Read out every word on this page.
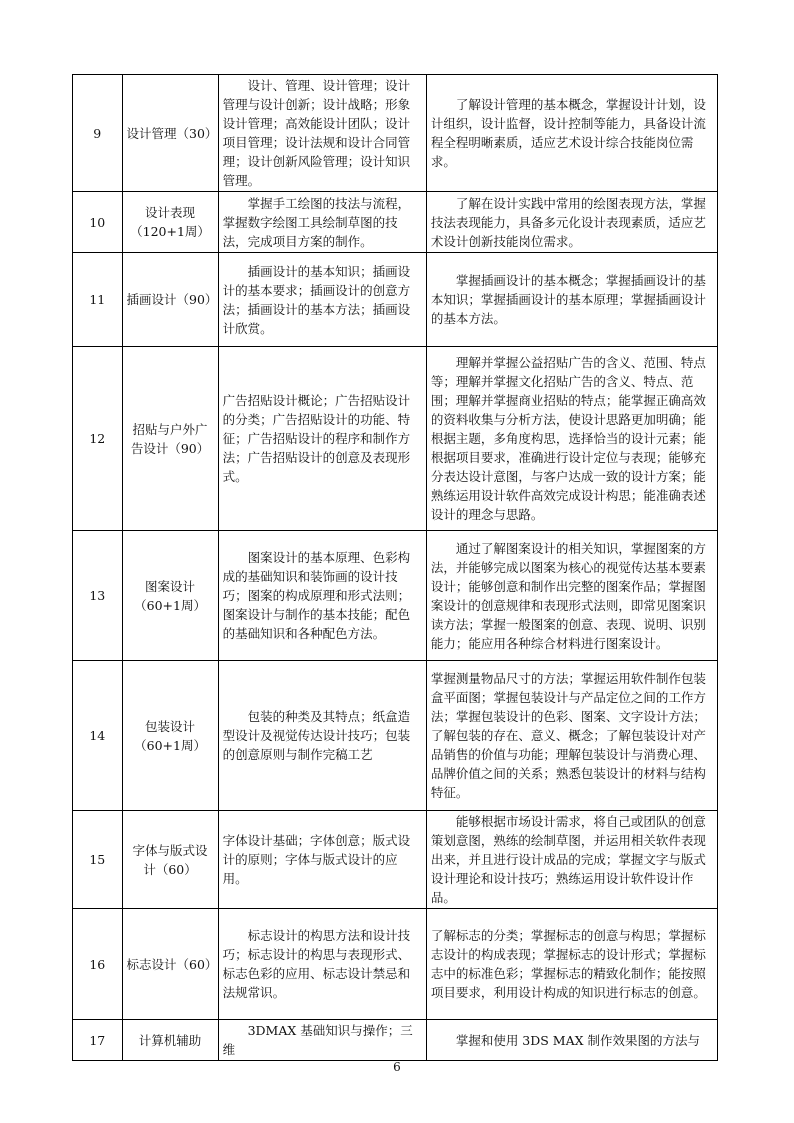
9	设计管理（30）	设计、管理、设计管理；设计管理与设计创新；设计战略；形象设计管理；高效能设计团队；设计项目管理；设计法规和设计合同管理；设计创新风险管理；设计知识管理。	了解设计管理的基本概念，掌握设计计划，设计组织，设计监督，设计控制等能力，具备设计流程全程明晰素质，适应艺术设计综合技能岗位需求。
10	设计表现（120+1周）	掌握手工绘图的技法与流程，掌握数字绘图工具绘制草图的技法，完成项目方案的制作。	了解在设计实践中常用的绘图表现方法，掌握技法表现能力，具备多元化设计表现素质，适应艺术设计创新技能岗位需求。
11	插画设计（90）	插画设计的基本知识；插画设计的基本要求；插画设计的创意方法；插画设计的基本方法；插画设计欣赏。	掌握插画设计的基本概念；掌握插画设计的基本知识；掌握插画设计的基本原理；掌握插画设计的基本方法。
12	招贴与户外广告设计（90）	广告招贴设计概论；广告招贴设计的分类；广告招贴设计的功能、特征；广告招贴设计的程序和制作方法；广告招贴设计的创意及表现形式。	理解并掌握公益招贴广告的含义、范围、特点等；理解并掌握文化招贴广告的含义、特点、范围；理解并掌握商业招贴的特点；能掌握正确高效的资料收集与分析方法，使设计思路更加明确；能根据主题，多角度构思，选择恰当的设计元素；能根据项目要求，准确进行设计定位与表现；能够充分表达设计意图，与客户达成一致的设计方案；能熟练运用设计软件高效完成设计构思；能准确表述设计的理念与思路。
13	图案设计（60+1周）	图案设计的基本原理、色彩构成的基础知识和装饰画的设计技巧；图案的构成原理和形式法则；图案设计与制作的基本技能；配色的基础知识和各种配色方法。	通过了解图案设计的相关知识，掌握图案的方法，并能够完成以图案为核心的视觉传达基本要素设计；能够创意和制作出完整的图案作品；掌握图案设计的创意规律和表现形式法则，即常见图案识读方法；掌握一般图案的创意、表现、说明、识别能力；能应用各种综合材料进行图案设计。
14	包装设计（60+1周）	包装的种类及其特点；纸盒造型设计及视觉传达设计技巧；包装的创意原则与制作完稿工艺	掌握测量物品尺寸的方法；掌握运用软件制作包装盒平面图；掌握包装设计与产品定位之间的工作方法；掌握包装设计的色彩、图案、文字设计方法；了解包装的存在、意义、概念；了解包装设计对产品销售的价值与功能；理解包装设计与消费心理、品牌价值之间的关系；熟悉包装设计的材料与结构特征。
15	字体与版式设计（60）	字体设计基础；字体创意；版式设计的原则；字体与版式设计的应用。	能够根据市场设计需求，将自己或团队的创意策划意图，熟练的绘制草图，并运用相关软件表现出来，并且进行设计成品的完成；掌握文字与版式设计理论和设计技巧；熟练运用设计软件设计作品。
16	标志设计（60）	标志设计的构思方法和设计技巧；标志设计的构思与表现形式、标志色彩的应用、标志设计禁忌和法规常识。	了解标志的分类；掌握标志的创意与构思；掌握标志设计的构成表现；掌握标志的设计形式；掌握标志中的标准色彩；掌握标志的精致化制作；能按照项目要求，利用设计构成的知识进行标志的创意。
17	计算机辅助	3DMAX 基础知识与操作；三维	掌握和使用 3DS MAX 制作效果图的方法与
6
